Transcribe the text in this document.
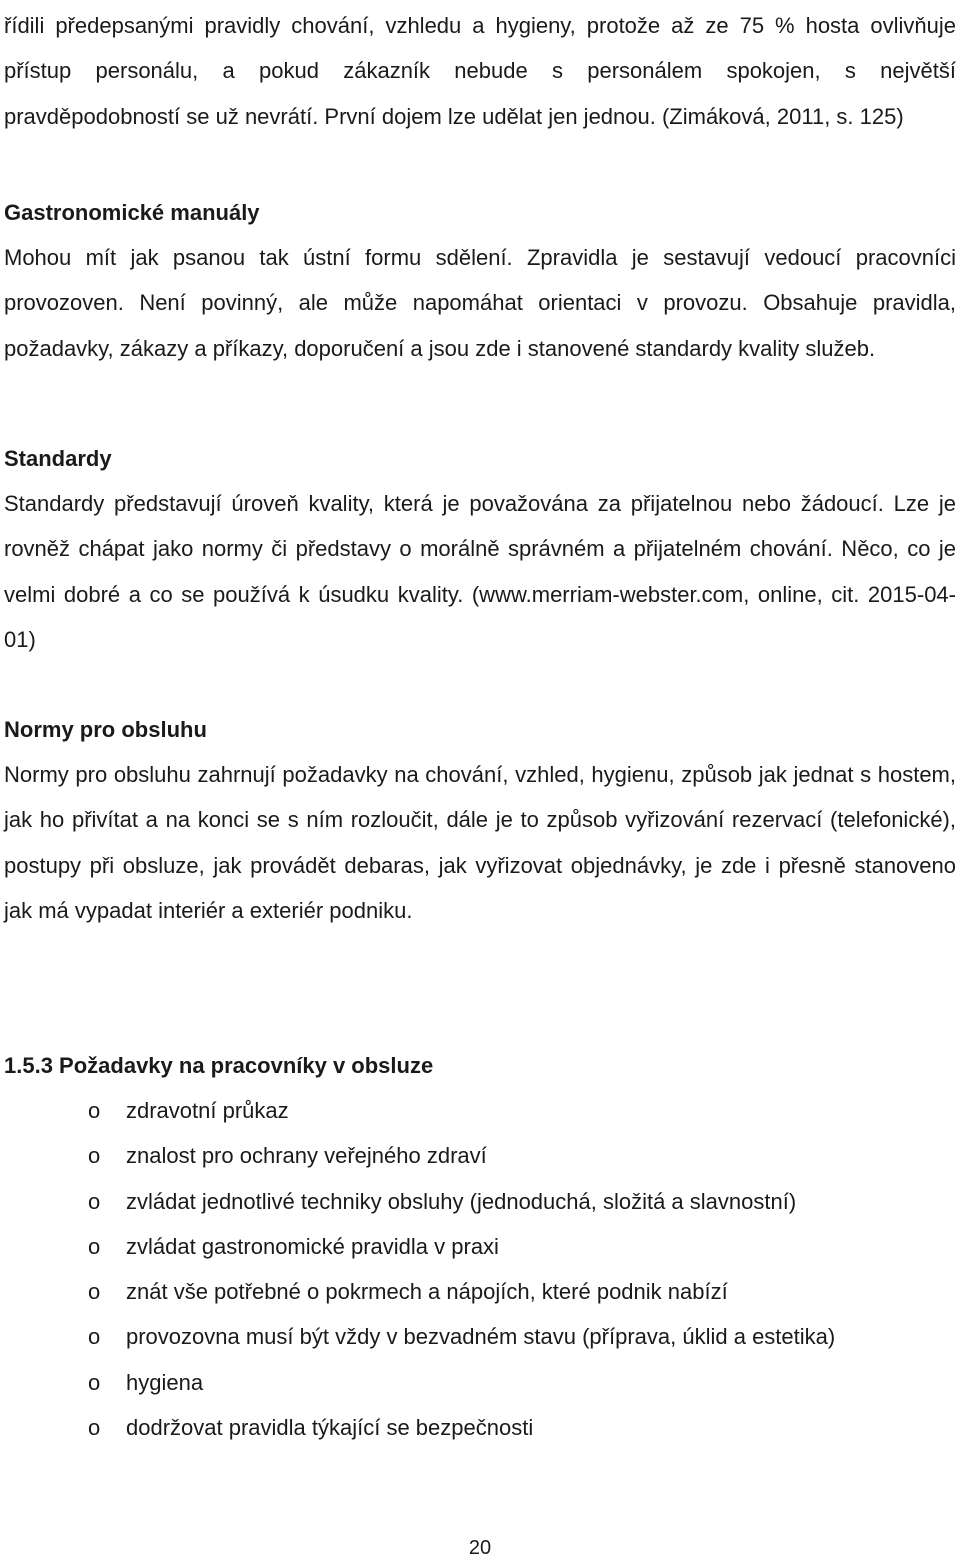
řídili předepsanými pravidly chování, vzhledu a hygieny, protože až ze 75 % hosta ovlivňuje přístup personálu, a pokud zákazník nebude s personálem spokojen, s největší pravděpodobností se už nevrátí. První dojem lze udělat jen jednou. (Zimáková, 2011, s. 125)

Gastronomické manuály

Mohou mít jak psanou tak ústní formu sdělení. Zpravidla je sestavují vedoucí pracovníci provozoven. Není povinný, ale může napomáhat orientaci v provozu. Obsahuje pravidla, požadavky, zákazy a příkazy, doporučení a jsou zde i stanovené standardy kvality služeb.

Standardy

Standardy představují úroveň kvality, která je považována za přijatelnou nebo žádoucí. Lze je rovněž chápat jako normy či představy o morálně správném a přijatelném chování. Něco, co je velmi dobré a co se používá k úsudku kvality. (www.merriam-webster.com, online, cit. 2015-04-01)

Normy pro obsluhu

Normy pro obsluhu zahrnují požadavky na chování, vzhled, hygienu, způsob jak jednat s hostem, jak ho přivítat a na konci se s ním rozloučit, dále je to způsob vyřizování rezervací (telefonické), postupy při obsluze, jak provádět debaras, jak vyřizovat objednávky, je zde i přesně stanoveno jak má vypadat interiér a exteriér podniku.

1.5.3 Požadavky na pracovníky v obsluze
o	zdravotní průkaz
o	znalost pro ochrany veřejného zdraví
o	zvládat jednotlivé techniky obsluhy (jednoduchá, složitá a slavnostní)
o	zvládat gastronomické pravidla v praxi
o	znát vše potřebné o pokrmech a nápojích, které podnik nabízí
o	provozovna musí být vždy v bezvadném stavu (příprava, úklid a estetika)
o	hygiena
o	dodržovat pravidla týkající se bezpečnosti
20
